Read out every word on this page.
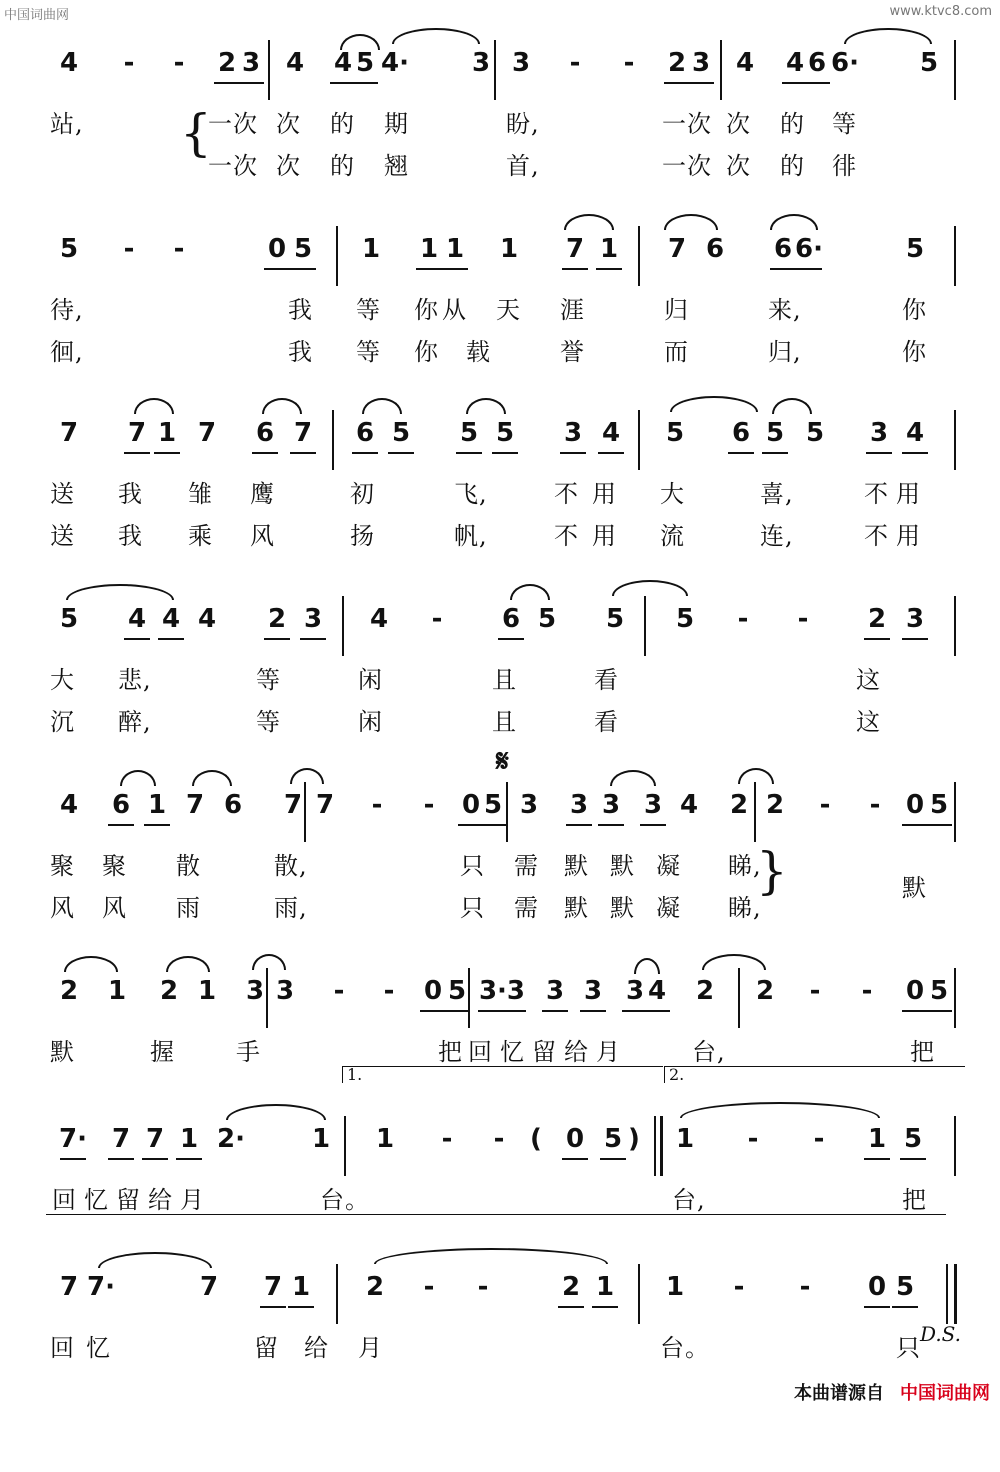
中国词曲网	www.ktvc8.com
4	-	-	2 3 4	4 5 4·	3 3	-	-	2 3 4	4 6 6·	5
{
站,	一次 次 的 期	盼,	一次 次 的 等
一次 次 的 翘	首,	一次 次 的 徘
5	-	-	0 5	1	1 1	1	7 1	7 6	6 6·	5
待,	我 等 你 从 天 涯	归	来,	你
徊,	我 等 你 载	誉	而	归,	你
7	7 1 7	6 7	6 5	5 5	3 4	5	6 5 5	3 4
送 我 雏 鹰	初	飞,	不 用 大	喜,	不 用
送 我 乘 风	扬	帆,	不 用 流	连,	不 用
5	4 4 4	2 3	4	-	6 5	5	5	-	-	2 3
大 悲,	等	闲	且	看	这
沉 醉,	等	闲	且	看	这
𝄋
4	6 1 7 6	7 7	-	-	0 5 3	3 3 3 4	2 2	-	- 0 5
聚 聚 散	散,	只 需 默 默 凝 睇,
风 风 雨	雨,	只 需 默 默 凝 睇,
默
}
2	1	2 1	3 3	-	-	0 5 3·3 3 3 3 4	2	2	-	-	0 5
默	握	手	把 回 忆 留 给 月	台,	把
1.	2.
7· 7 7 1 2·	1	1	-	- ( 0 5 )	1	-	-	1 5
回 忆 留 给 月	台。	台,	把
7 7·	7	7 1	2	-	-	2 1	1	-	-	0 5
回 忆	留 给 月	台。	只 D.S.
本曲谱源自 中国词曲网
